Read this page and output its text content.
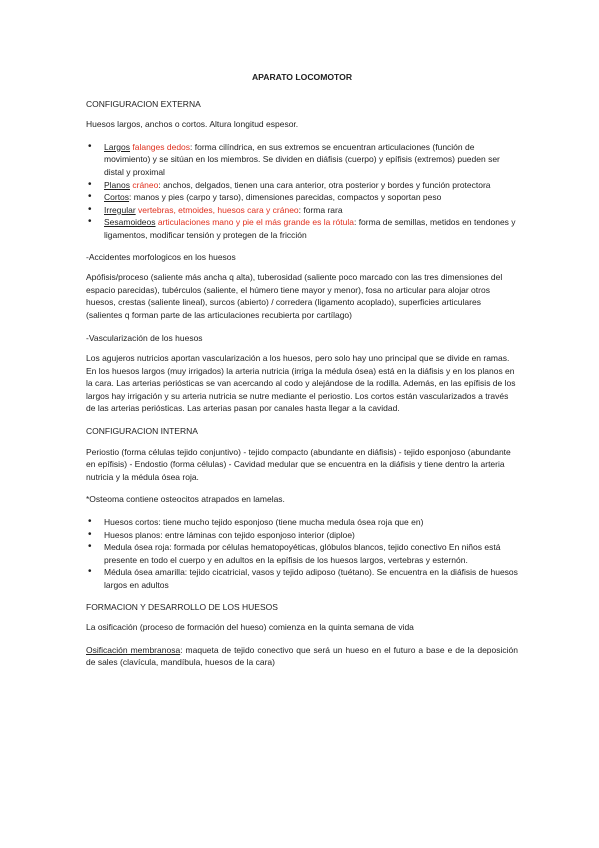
APARATO LOCOMOTOR

CONFIGURACION EXTERNA

Huesos largos, anchos o cortos. Altura longitud espesor.

• Largos falanges dedos: forma cilíndrica, en sus extremos se encuentran articulaciones (función de movimiento) y se sitúan en los miembros. Se dividen en diáfisis (cuerpo) y epífisis (extremos) pueden ser distal y proximal
• Planos cráneo: anchos, delgados, tienen una cara anterior, otra posterior y bordes y función protectora
• Cortos: manos y pies (carpo y tarso), dimensiones parecidas, compactos y soportan peso
• Irregular vertebras, etmoides, huesos cara y cráneo: forma rara
• Sesamoideos articulaciones mano y pie el más grande es la rótula: forma de semillas, metidos en tendones y ligamentos, modificar tensión y protegen de la fricción

-Accidentes morfologicos en los huesos

Apófisis/proceso (saliente más ancha q alta), tuberosidad (saliente poco marcado con las tres dimensiones del espacio parecidas), tubérculos (saliente, el húmero tiene mayor y menor), fosa no articular para alojar otros huesos, crestas (saliente lineal), surcos (abierto) / corredera (ligamento acoplado), superficies articulares (salientes q forman parte de las articulaciones recubierta por cartílago)

-Vascularización de los huesos

Los agujeros nutricios aportan vascularización a los huesos, pero solo hay uno principal que se divide en ramas. En los huesos largos (muy irrigados) la arteria nutricia (irriga la médula ósea) está en la diáfisis y en los planos en la cara. Las arterias periósticas se van acercando al codo y alejándose de la rodilla. Además, en las epífisis de los largos hay irrigación y su arteria nutricia se nutre mediante el periostio. Los cortos están vascularizados a través de las arterias periósticas. Las arterias pasan por canales hasta llegar a la cavidad.

CONFIGURACION INTERNA

Periostio (forma células tejido conjuntivo) - tejido compacto (abundante en diáfisis) - tejido esponjoso (abundante en epífisis) - Endostio (forma células) - Cavidad medular que se encuentra en la diáfisis y tiene dentro la arteria nutricia y la médula ósea roja.

*Osteoma contiene osteocitos atrapados en lamelas.

• Huesos cortos: tiene mucho tejido esponjoso (tiene mucha medula ósea roja que en)
• Huesos planos: entre láminas con tejido esponjoso interior (diploe)
• Medula ósea roja: formada por células hematopoyéticas, glóbulos blancos, tejido conectivo En niños está presente en todo el cuerpo y en adultos en la epífisis de los huesos largos, vertebras y esternón.
• Médula ósea amarilla: tejido cicatricial, vasos y tejido adiposo (tuétano). Se encuentra en la diáfisis de huesos largos en adultos

FORMACION Y DESARROLLO DE LOS HUESOS

La osificación (proceso de formación del hueso) comienza en la quinta semana de vida

Osificación membranosa: maqueta de tejido conectivo que será un hueso en el futuro a base e de la deposición de sales (clavícula, mandíbula, huesos de la cara)
